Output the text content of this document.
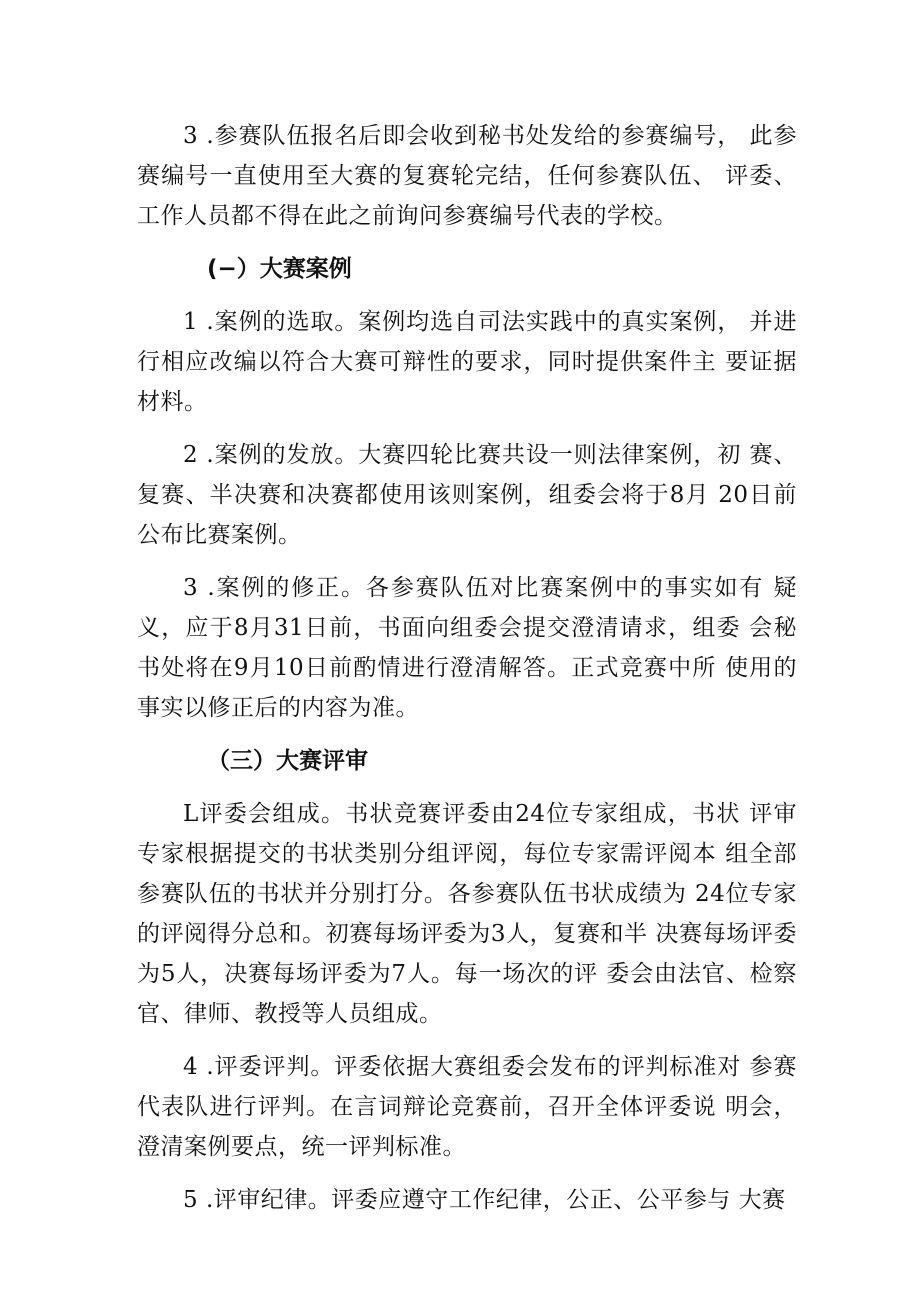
3 .参赛队伍报名后即会收到秘书处发给的参赛编号， 此参赛编号一直使用至大赛的复赛轮完结，任何参赛队伍、 评委、工作人员都不得在此之前询问参赛编号代表的学校。

(−）大赛案例

1 .案例的选取。案例均选自司法实践中的真实案例， 并进行相应改编以符合大赛可辩性的要求，同时提供案件主 要证据材料。

2 .案例的发放。大赛四轮比赛共设一则法律案例，初 赛、复赛、半决赛和决赛都使用该则案例，组委会将于8月 20日前公布比赛案例。

3 .案例的修正。各参赛队伍对比赛案例中的事实如有 疑义，应于8月31日前，书面向组委会提交澄清请求，组委 会秘书处将在9月10日前酌情进行澄清解答。正式竞赛中所 使用的事实以修正后的内容为准。

（三）大赛评审

L评委会组成。书状竞赛评委由24位专家组成，书状 评审专家根据提交的书状类别分组评阅，每位专家需评阅本 组全部参赛队伍的书状并分别打分。各参赛队伍书状成绩为 24位专家的评阅得分总和。初赛每场评委为3人，复赛和半 决赛每场评委为5人，决赛每场评委为7人。每一场次的评 委会由法官、检察官、律师、教授等人员组成。

4 .评委评判。评委依据大赛组委会发布的评判标准对 参赛代表队进行评判。在言词辩论竞赛前，召开全体评委说 明会，澄清案例要点，统一评判标准。

5 .评审纪律。评委应遵守工作纪律，公正、公平参与 大赛
